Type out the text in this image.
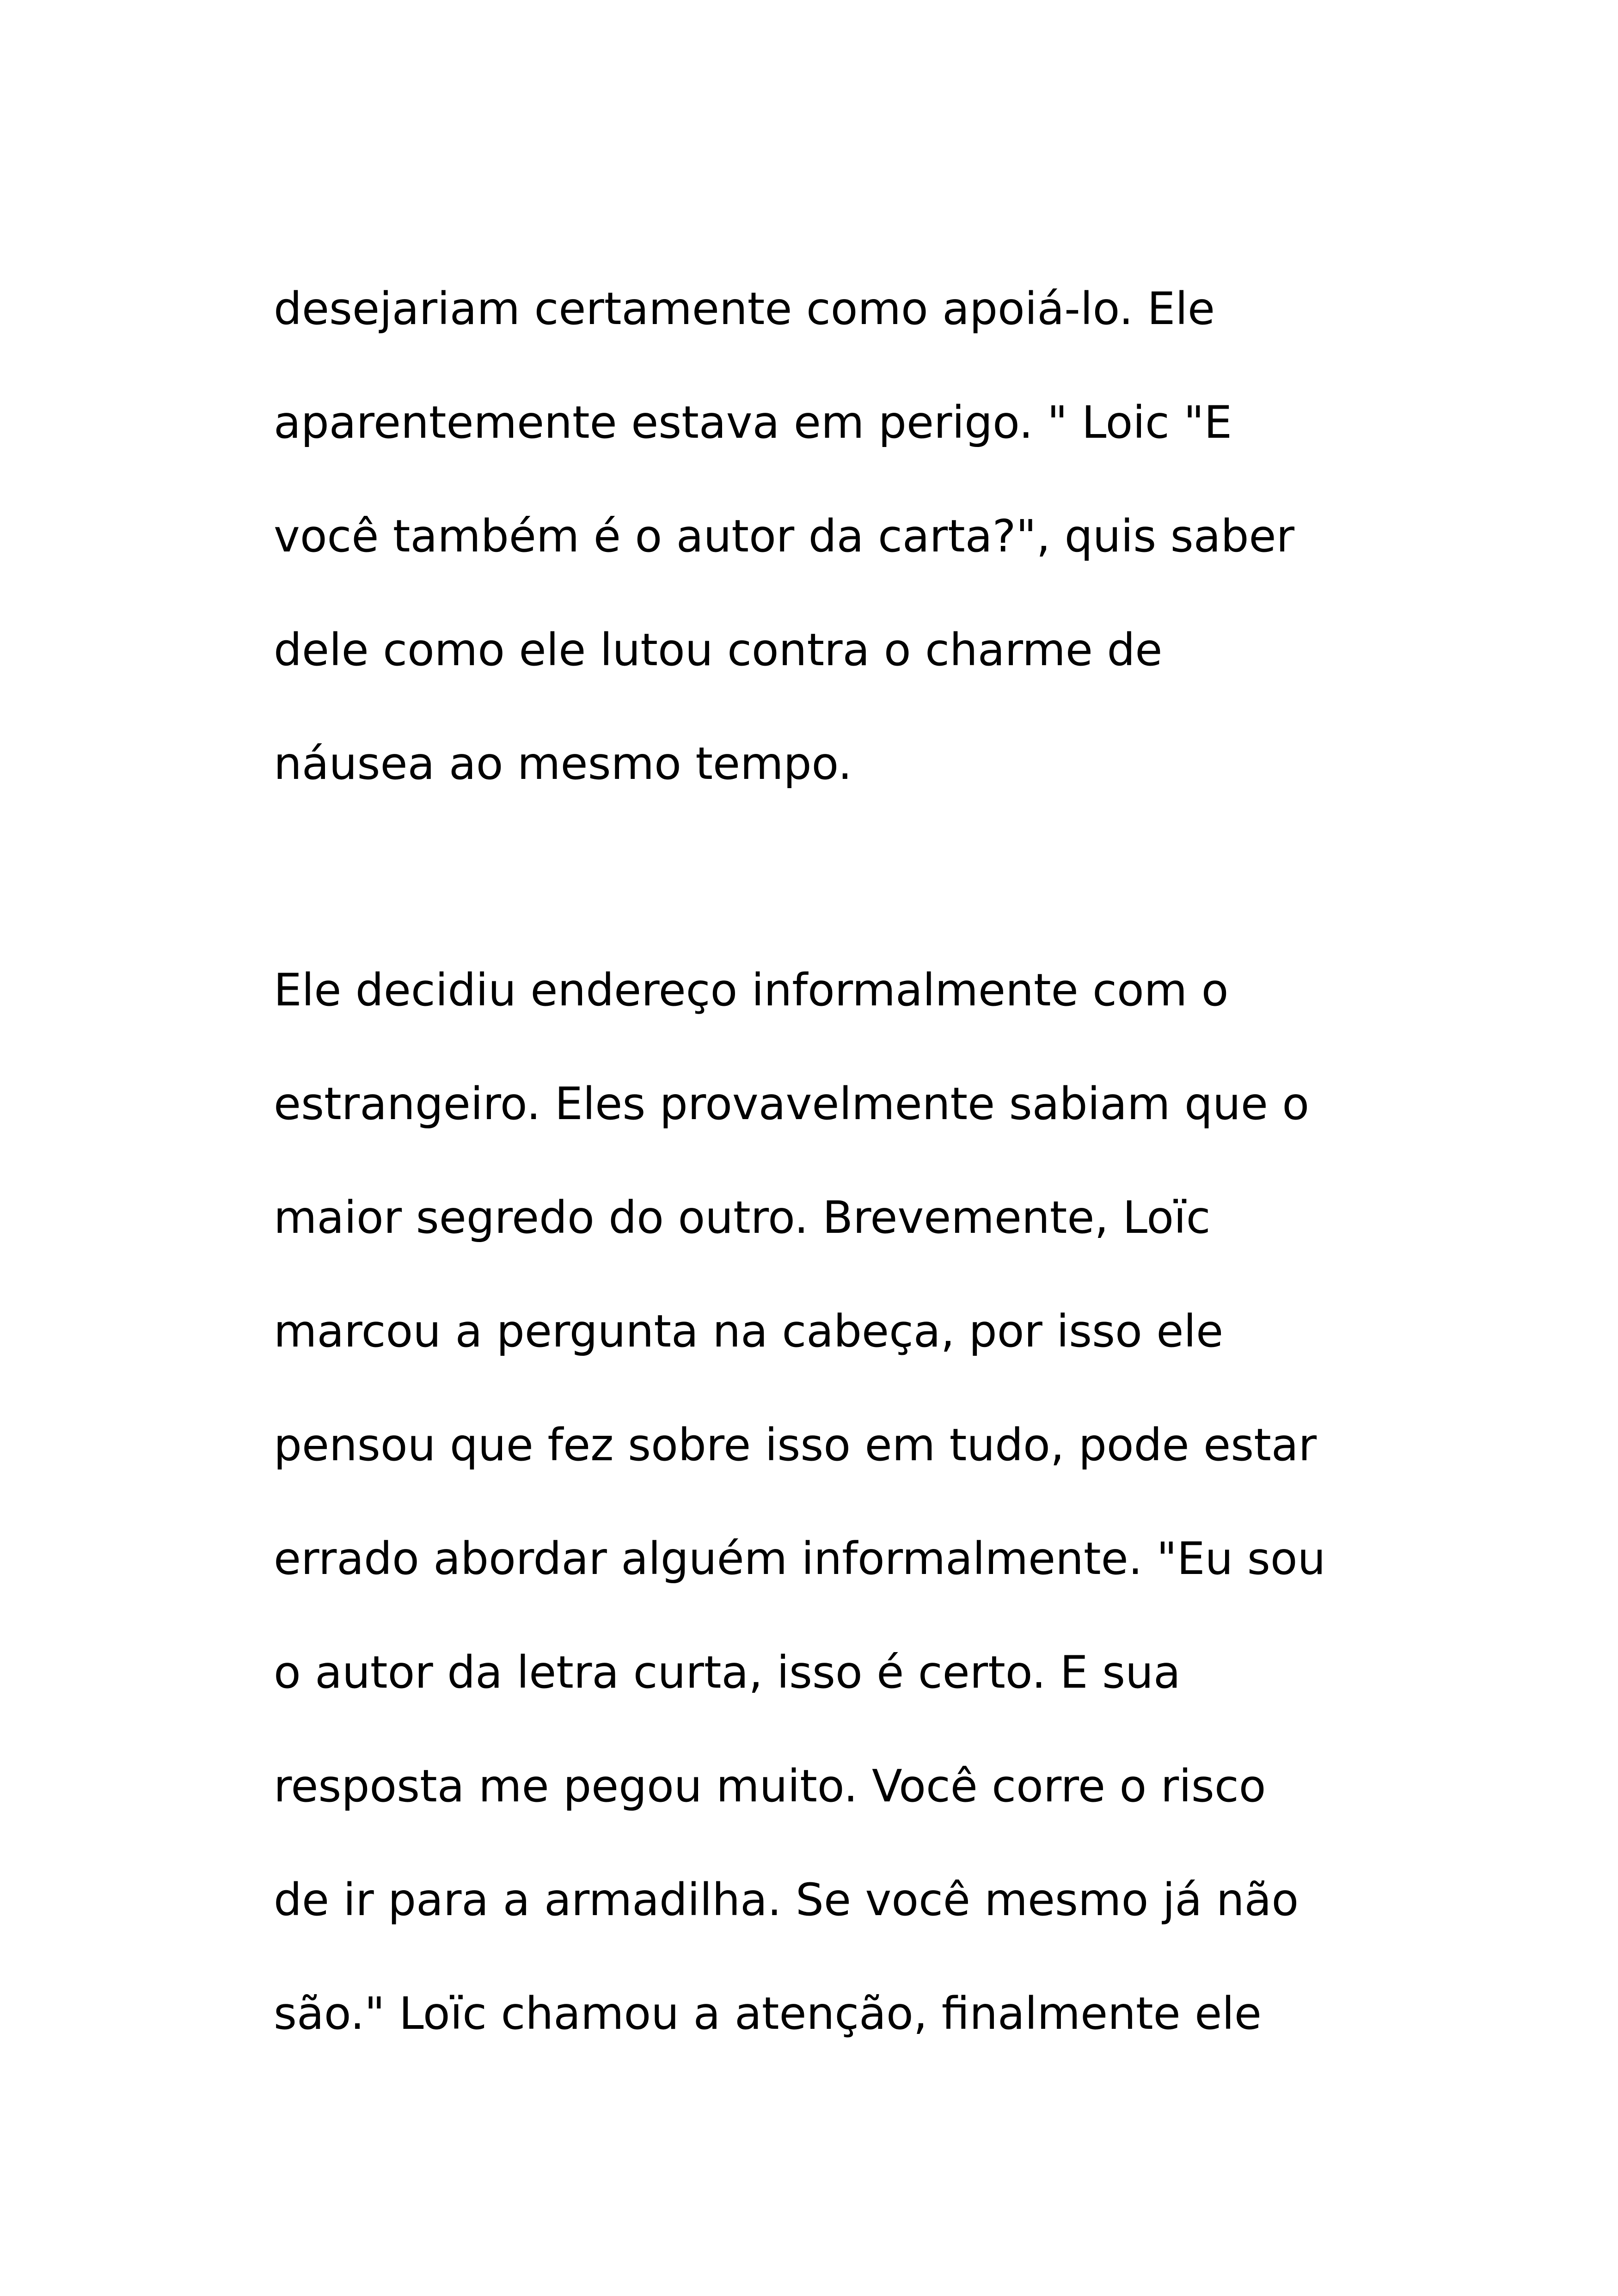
desejariam certamente como apoiá-lo. Ele
aparentemente estava em perigo. " Loic "E
você também é o autor da carta?", quis saber
dele como ele lutou contra o charme de
náusea ao mesmo tempo.
Ele decidiu endereço informalmente com o
estrangeiro. Eles provavelmente sabiam que o
maior segredo do outro. Brevemente, Loïc
marcou a pergunta na cabeça, por isso ele
pensou que fez sobre isso em tudo, pode estar
errado abordar alguém informalmente. "Eu sou
o autor da letra curta, isso é certo. E sua
resposta me pegou muito. Você corre o risco
de ir para a armadilha. Se você mesmo já não
são." Loïc chamou a atenção, finalmente ele
